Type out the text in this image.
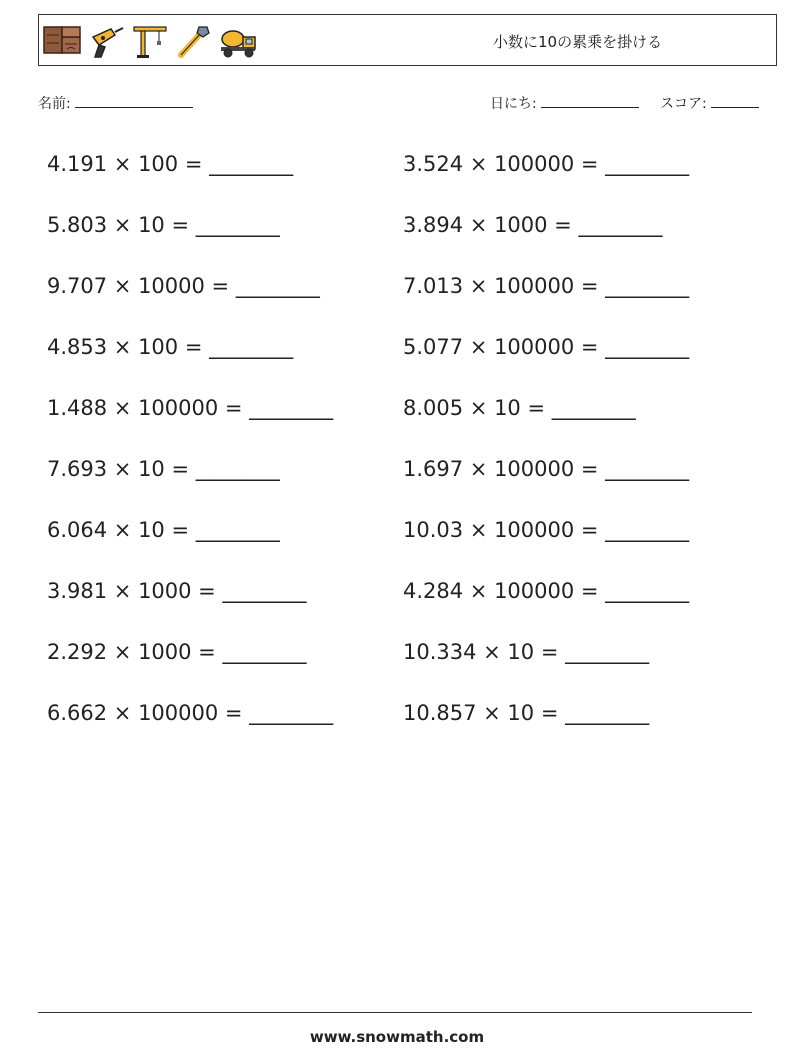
小数に10の累乗を掛ける
名前:	日にち:	スコア:
4.191 × 100 = ________
5.803 × 10 = ________
9.707 × 10000 = ________
4.853 × 100 = ________
1.488 × 100000 = ________
7.693 × 10 = ________
6.064 × 10 = ________
3.981 × 1000 = ________
2.292 × 1000 = ________
6.662 × 100000 = ________
3.524 × 100000 = ________
3.894 × 1000 = ________
7.013 × 100000 = ________
5.077 × 100000 = ________
8.005 × 10 = ________
1.697 × 100000 = ________
10.03 × 100000 = ________
4.284 × 100000 = ________
10.334 × 10 = ________
10.857 × 10 = ________
www.snowmath.com
